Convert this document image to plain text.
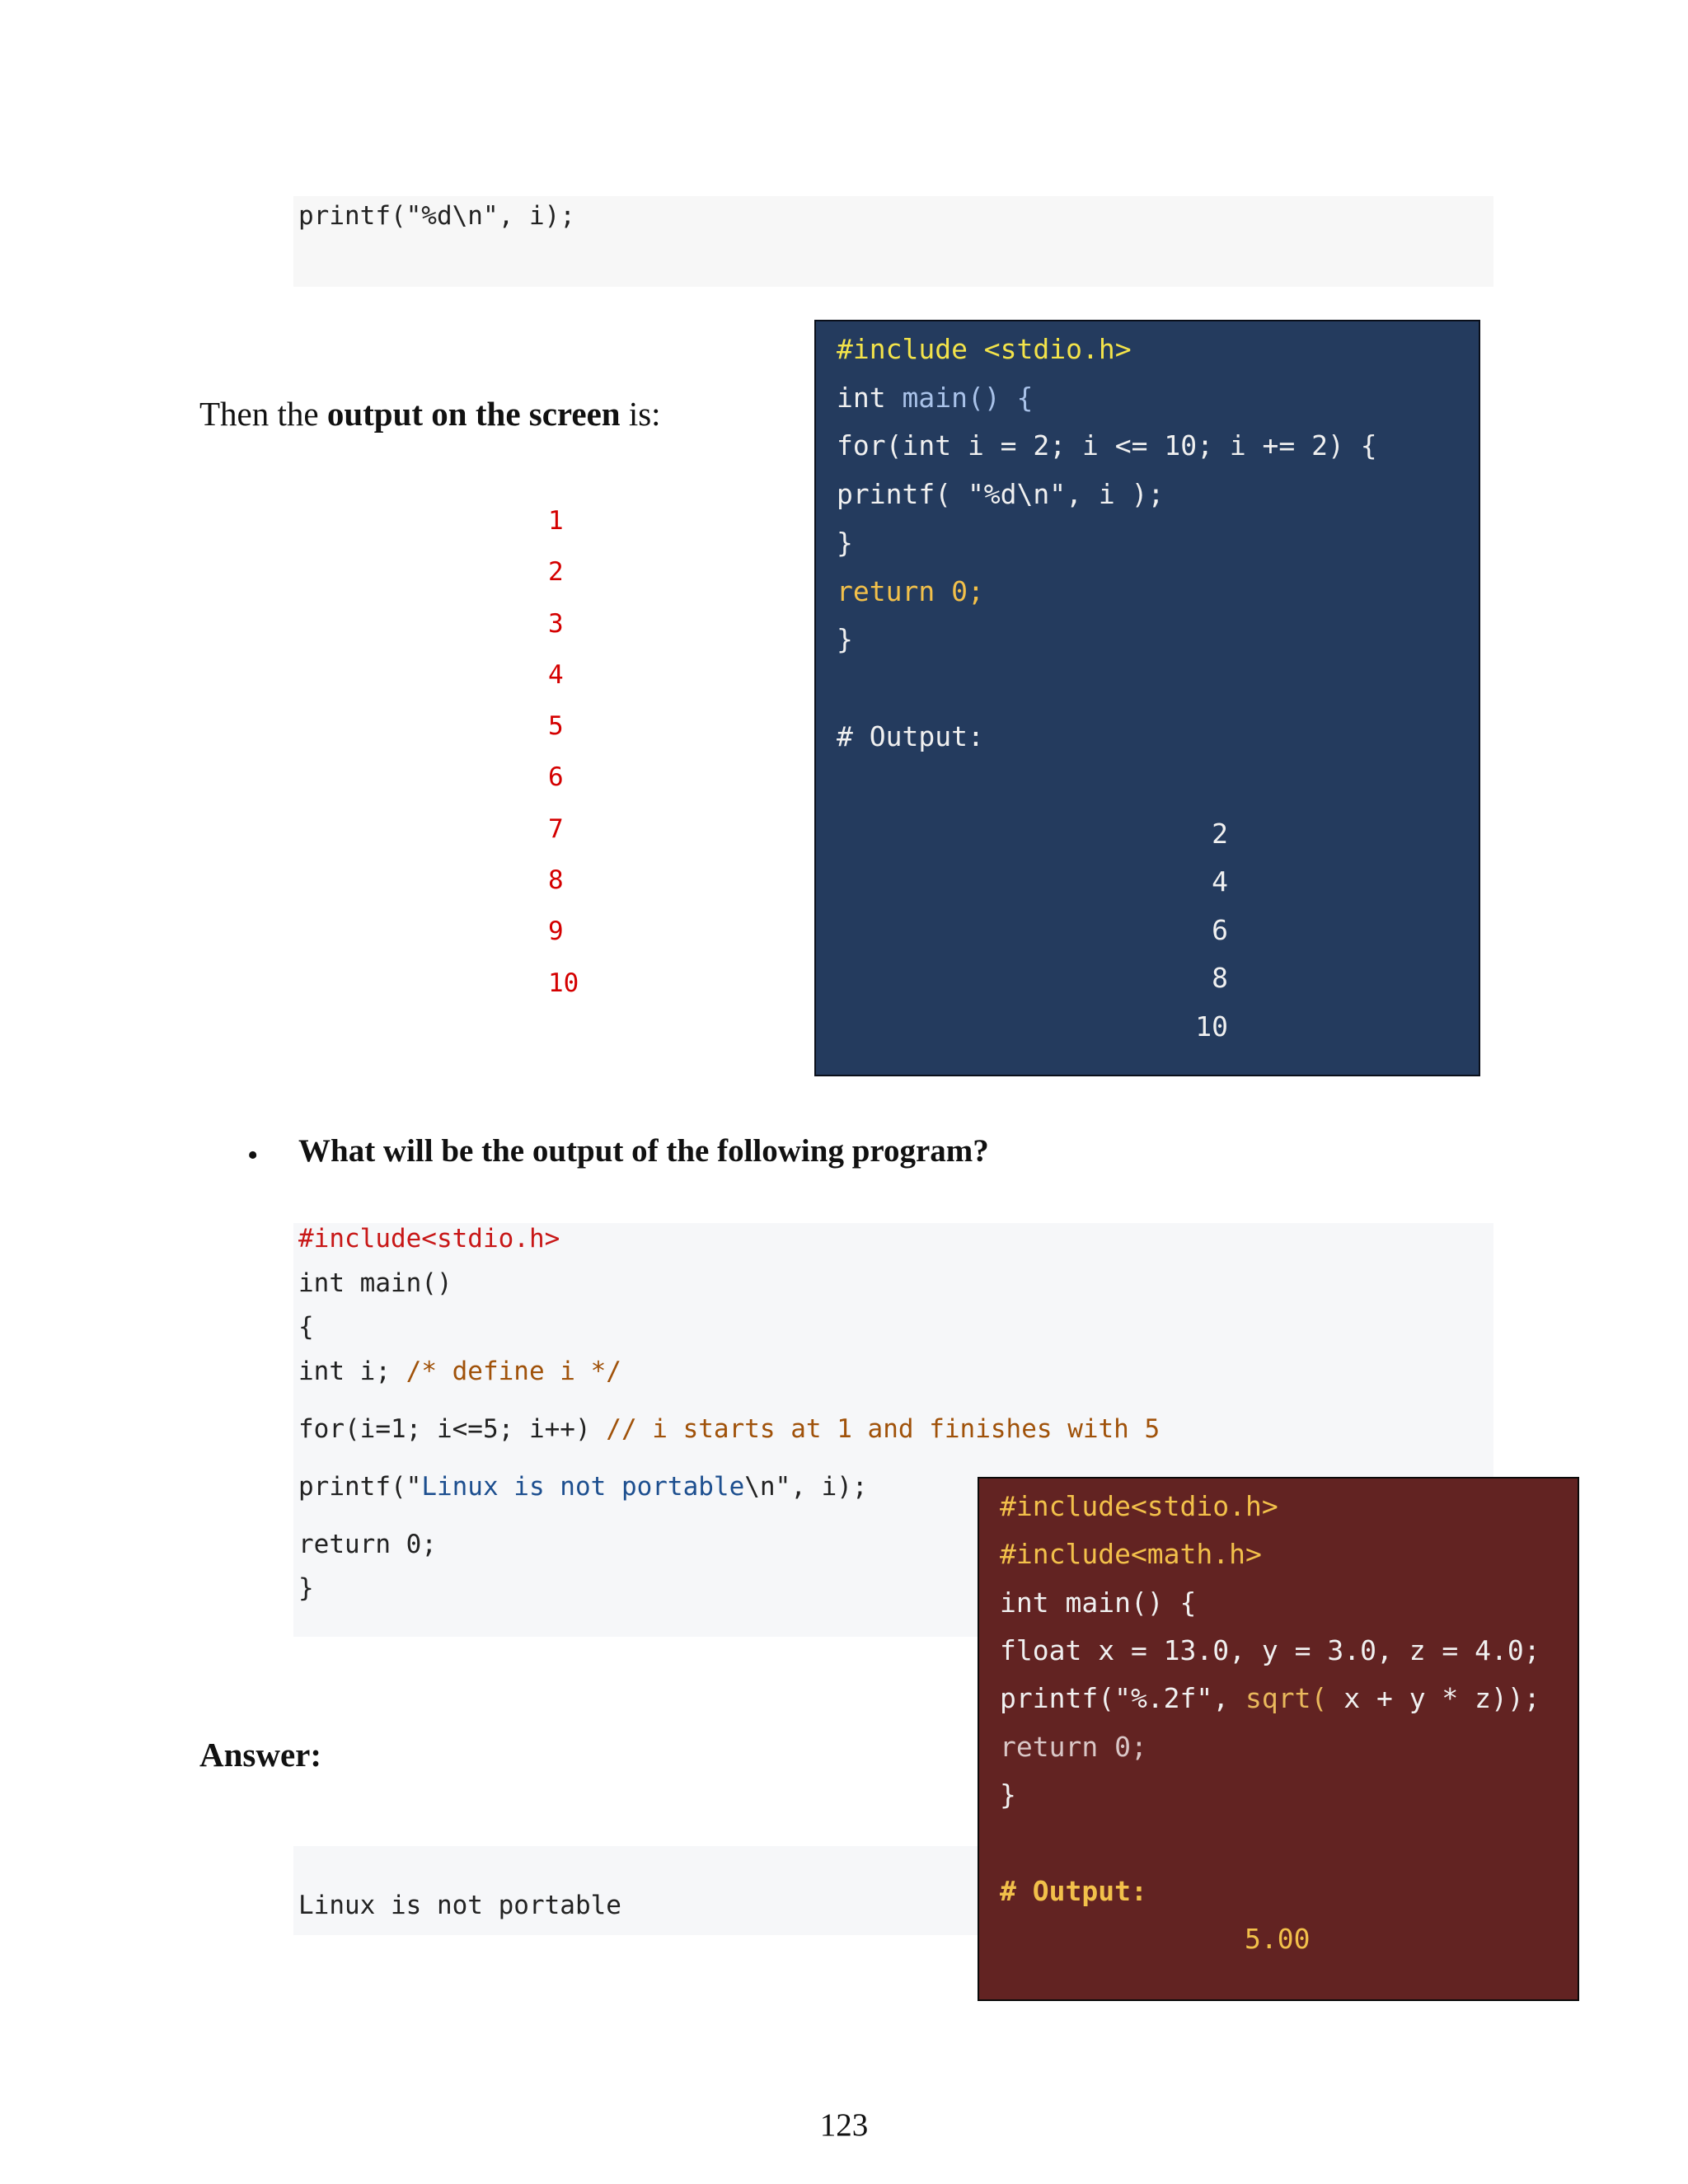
printf("%d\n", i);
Then the output on the screen is:
1
2
3
4
5
6
7
8
9
10
#include <stdio.h>
int main() {
for(int i = 2; i <= 10; i += 2) {
printf( "%d\n", i );
}
return 0;
}
# Output:
2
4
6
8
10
• What will be the output of the following program?
#include<stdio.h>
int main()
{
int i; /* define i */
for(i=1; i<=5; i++) // i starts at 1 and finishes with 5
printf("Linux is not portable\n", i);
return 0;
}
Answer:
Linux is not portable
#include<stdio.h>
#include<math.h>
int main() {
float x = 13.0, y = 3.0, z = 4.0;
printf("%.2f", sqrt( x + y * z));
return 0;
}
# Output:
5.00
123
